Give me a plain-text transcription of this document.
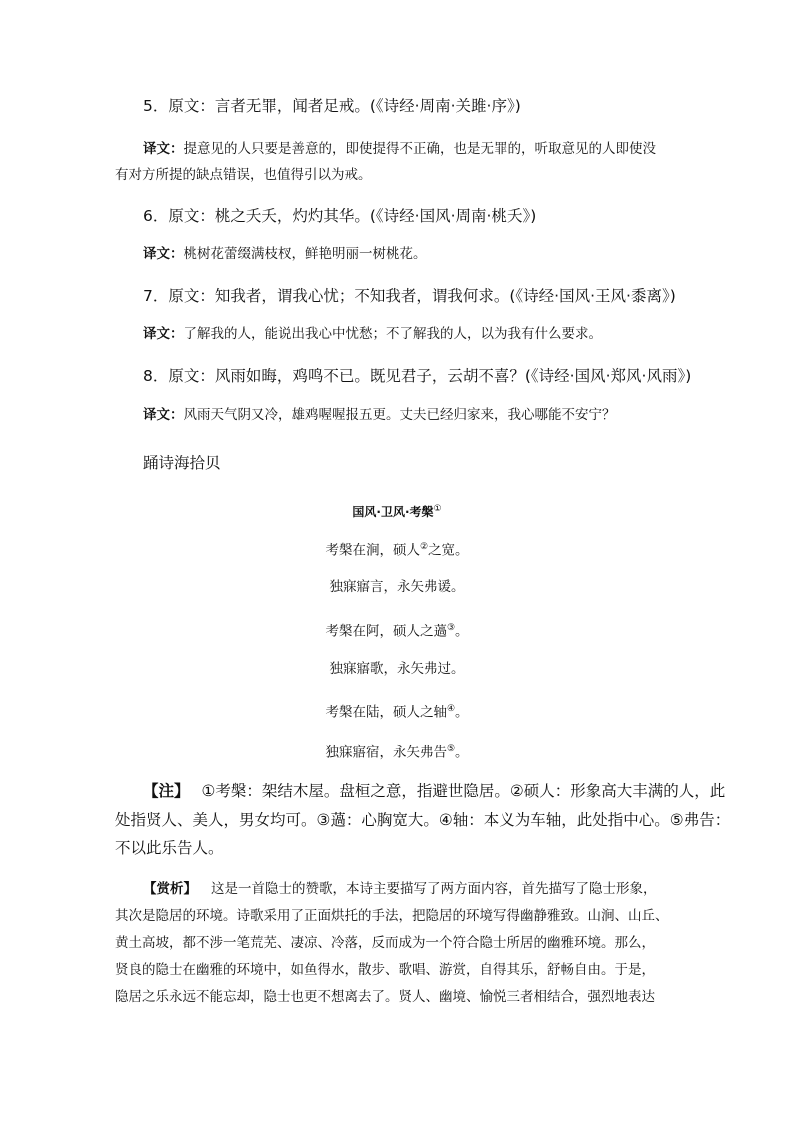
5．原文：言者无罪，闻者足戒。(《诗经·周南·关雎·序》)
译文：提意见的人只要是善意的，即使提得不正确，也是无罪的，听取意见的人即使没
有对方所提的缺点错误，也值得引以为戒。
6．原文：桃之夭夭，灼灼其华。(《诗经·国风·周南·桃夭》)
译文：桃树花蕾缀满枝杈，鲜艳明丽一树桃花。
7．原文：知我者，谓我心忧；不知我者，谓我何求。(《诗经·国风·王风·黍离》)
译文：了解我的人，能说出我心中忧愁；不了解我的人，以为我有什么要求。
8．原文：风雨如晦，鸡鸣不已。既见君子，云胡不喜？(《诗经·国风·郑风·风雨》)
译文：风雨天气阴又冷，雄鸡喔喔报五更。丈夫已经归家来，我心哪能不安宁？
踊诗海拾贝
国风·卫风·考槃①
考槃在涧，硕人②之宽。
独寐寤言，永矢弗谖。
考槃在阿，硕人之薖③。
独寐寤歌，永矢弗过。
考槃在陆，硕人之轴④。
独寐寤宿，永矢弗告⑤。
【注】 ①考槃：架结木屋。盘桓之意，指避世隐居。②硕人：形象高大丰满的人，此
处指贤人、美人，男女均可。③薖：心胸宽大。④轴：本义为车轴，此处指中心。⑤弗告：
不以此乐告人。
【赏析】 这是一首隐士的赞歌，本诗主要描写了两方面内容，首先描写了隐士形象，
其次是隐居的环境。诗歌采用了正面烘托的手法，把隐居的环境写得幽静雅致。山涧、山丘、
黄土高坡，都不涉一笔荒芜、凄凉、冷落，反而成为一个符合隐士所居的幽雅环境。那么，
贤良的隐士在幽雅的环境中，如鱼得水，散步、歌唱、游赏，自得其乐，舒畅自由。于是，
隐居之乐永远不能忘却，隐士也更不想离去了。贤人、幽境、愉悦三者相结合，强烈地表达
